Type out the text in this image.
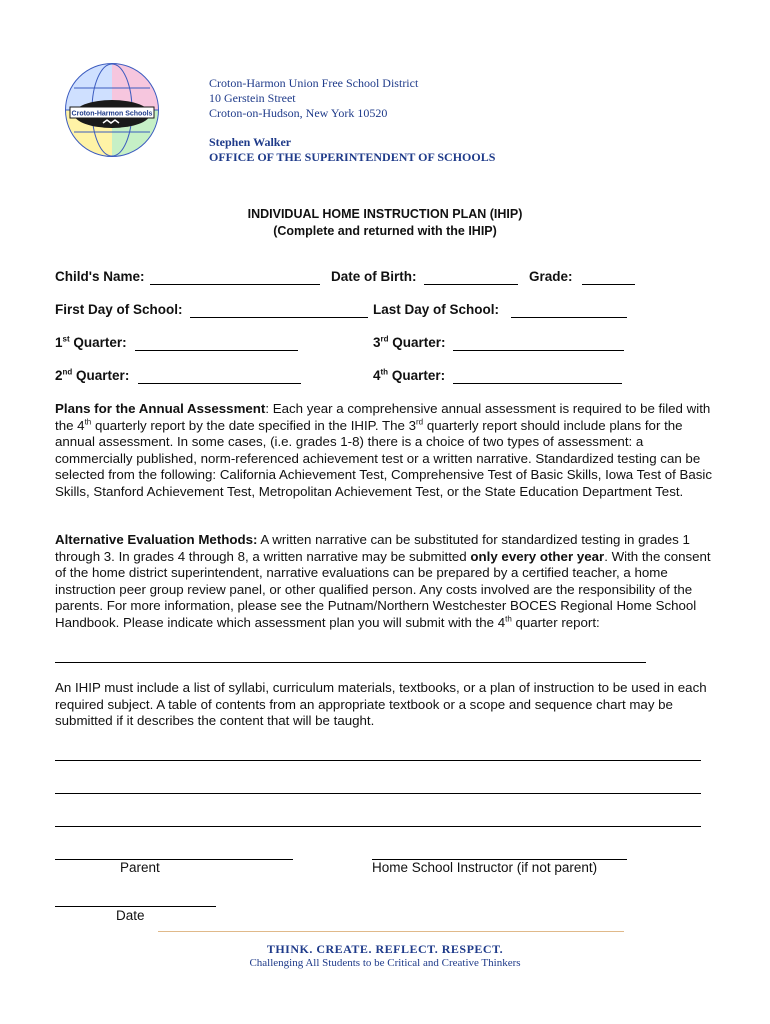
Croton-Harmon Schools
Croton-Harmon Union Free School District
10 Gerstein Street
Croton-on-Hudson, New York 10520
Stephen Walker
OFFICE OF THE SUPERINTENDENT OF SCHOOLS
INDIVIDUAL HOME INSTRUCTION PLAN (IHIP)
(Complete and returned with the IHIP)
Child's Name:	Date of Birth:	Grade:
First Day of School:	Last Day of School:
1st Quarter:	3rd Quarter:
2nd Quarter:	4th Quarter:
Plans for the Annual Assessment: Each year a comprehensive annual assessment is required to be filed with the 4th quarterly report by the date specified in the IHIP. The 3rd quarterly report should include plans for the annual assessment. In some cases, (i.e. grades 1-8) there is a choice of two types of assessment: a commercially published, norm-referenced achievement test or a written narrative. Standardized testing can be selected from the following: California Achievement Test, Comprehensive Test of Basic Skills, Iowa Test of Basic Skills, Stanford Achievement Test, Metropolitan Achievement Test, or the State Education Department Test.
Alternative Evaluation Methods: A written narrative can be substituted for standardized testing in grades 1 through 3. In grades 4 through 8, a written narrative may be submitted only every other year. With the consent of the home district superintendent, narrative evaluations can be prepared by a certified teacher, a home instruction peer group review panel, or other qualified person. Any costs involved are the responsibility of the parents. For more information, please see the Putnam/Northern Westchester BOCES Regional Home School Handbook. Please indicate which assessment plan you will submit with the 4th quarter report:
An IHIP must include a list of syllabi, curriculum materials, textbooks, or a plan of instruction to be used in each required subject. A table of contents from an appropriate textbook or a scope and sequence chart may be submitted if it describes the content that will be taught.
Parent	Home School Instructor (if not parent)
Date
THINK. CREATE. REFLECT. RESPECT.
Challenging All Students to be Critical and Creative Thinkers
